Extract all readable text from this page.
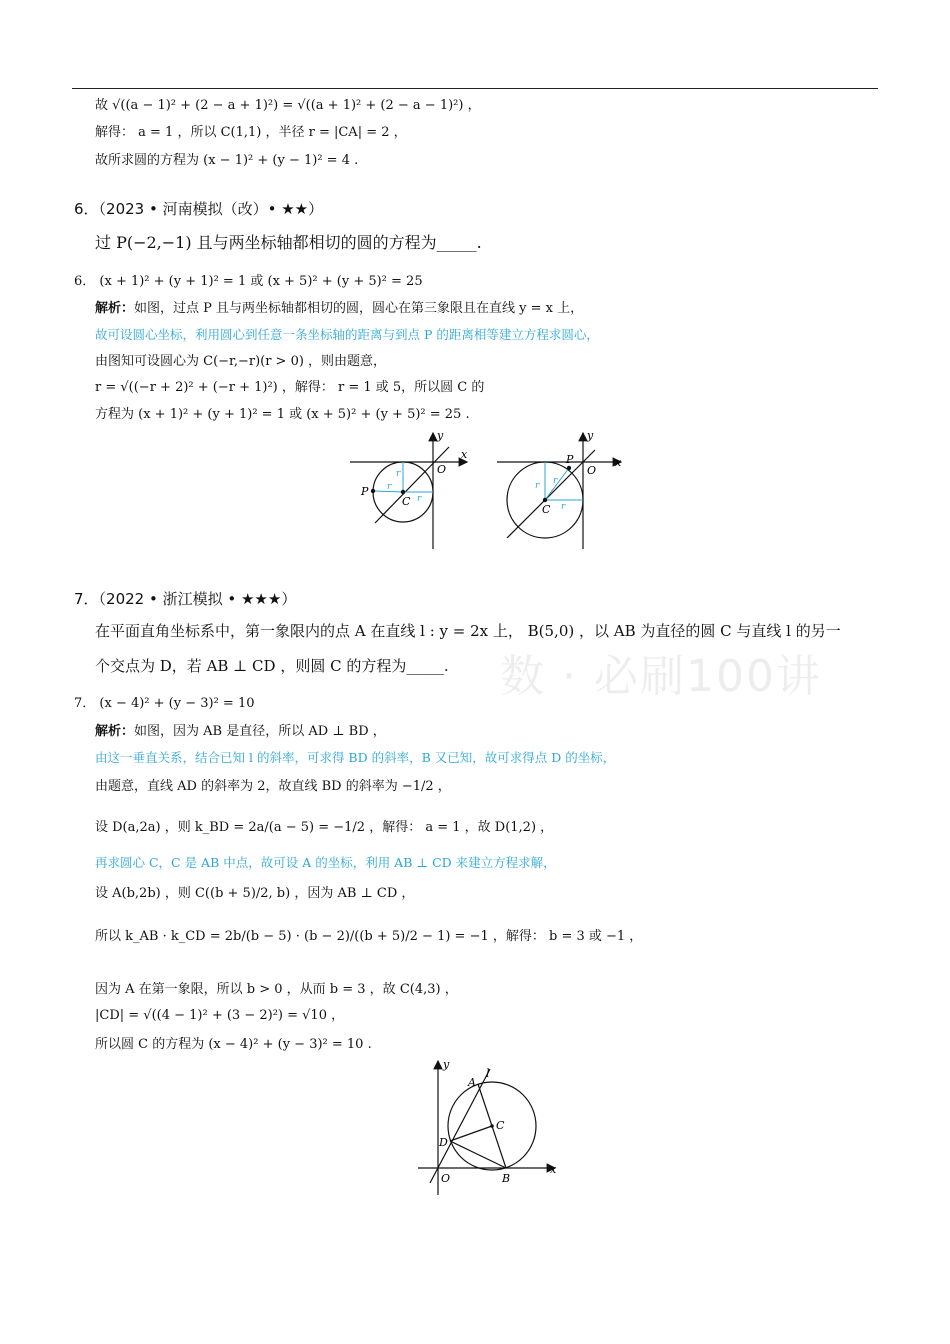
数 · 必刷100讲
故 √((a − 1)² + (2 − a + 1)²) = √((a + 1)² + (2 − a − 1)²) ，
解得： a = 1 ，所以 C(1,1) ，半径 r = |CA| = 2 ，
故所求圆的方程为 (x − 1)² + (y − 1)² = 4 .
6．（2023 • 河南模拟（改）• ★★）
过 P(−2,−1) 且与两坐标轴都相切的圆的方程为_____.
6． (x + 1)² + (y + 1)² = 1 或 (x + 5)² + (y + 5)² = 25
解析：如图，过点 P 且与两坐标轴都相切的圆，圆心在第三象限且在直线 y = x 上，
故可设圆心坐标，利用圆心到任意一条坐标轴的距离与到点 P 的距离相等建立方程求圆心，
由图知可设圆心为 C(−r,−r)(r > 0) ，则由题意，
r = √((−r + 2)² + (−r + 1)²) ，解得： r = 1 或 5，所以圆 C 的
方程为 (x + 1)² + (y + 1)² = 1 或 (x + 5)² + (y + 5)² = 25 .
x
y
O
P
C
r
r
r
x
y
O
P
C
r r
r
7．（2022 • 浙江模拟 • ★★★）
在平面直角坐标系中，第一象限内的点 A 在直线 l : y = 2x 上， B(5,0) ，以 AB 为直径的圆 C 与直线 l 的另一
个交点为 D，若 AB ⊥ CD ，则圆 C 的方程为_____.
7． (x − 4)² + (y − 3)² = 10
解析：如图，因为 AB 是直径，所以 AD ⊥ BD ，
由这一垂直关系，结合已知 l 的斜率，可求得 BD 的斜率，B 又已知，故可求得点 D 的坐标，
由题意，直线 AD 的斜率为 2，故直线 BD 的斜率为 −1/2 ，
设 D(a,2a) ，则 k_BD = 2a/(a − 5) = −1/2 ，解得： a = 1 ，故 D(1,2) ，
再求圆心 C，C 是 AB 中点，故可设 A 的坐标，利用 AB ⊥ CD 来建立方程求解，
设 A(b,2b) ，则 C((b + 5)/2, b) ，因为 AB ⊥ CD ，
所以 k_AB · k_CD = 2b/(b − 5) · (b − 2)/((b + 5)/2 − 1) = −1 ，解得： b = 3 或 −1 ，
因为 A 在第一象限，所以 b > 0 ，从而 b = 3 ，故 C(4,3) ，
|CD| = √((4 − 1)² + (3 − 2)²) = √10 ，
所以圆 C 的方程为 (x − 4)² + (y − 3)² = 10 .
x
y
O
A
B
C
D
l
